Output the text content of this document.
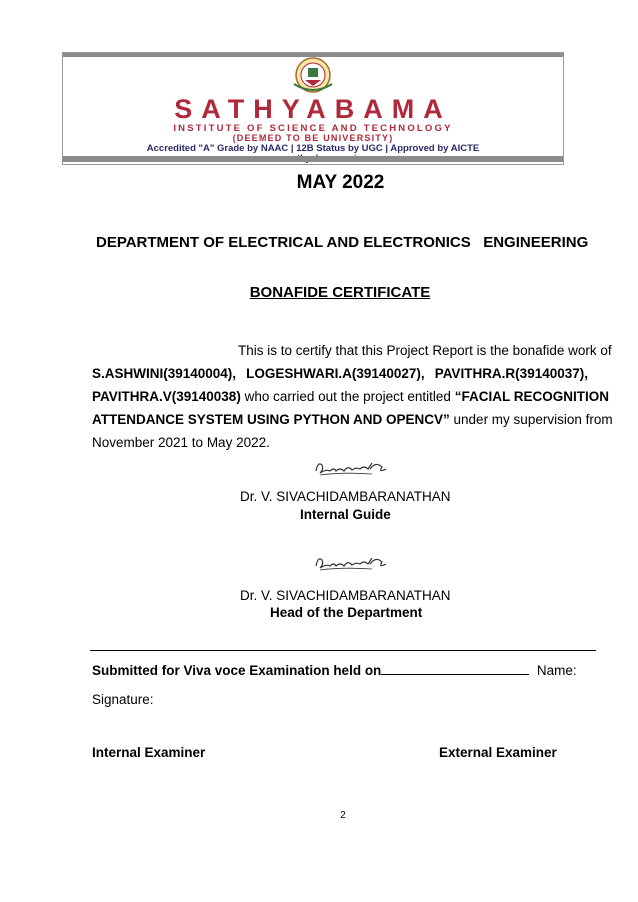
SATHYABAMA
INSTITUTE OF SCIENCE AND TECHNOLOGY
(DEEMED TO BE UNIVERSITY)
Accredited "A" Grade by NAAC | 12B Status by UGC | Approved by AICTE
MAY 2022
DEPARTMENT OF ELECTRICAL AND ELECTRONICS   ENGINEERING
BONAFIDE CERTIFICATE
This is to certify that this Project Report is the bonafide work of
S.ASHWINI(39140004), LOGESHWARI.A(39140027), PAVITHRA.R(39140037),
PAVITHRA.V(39140038) who carried out the project entitled “FACIAL RECOGNITION
ATTENDANCE SYSTEM USING PYTHON AND OPENCV” under my supervision from
November 2021 to May 2022.
Dr. V. SIVACHIDAMBARANATHAN
Internal Guide
Dr. V. SIVACHIDAMBARANATHAN
Head of the Department
Submitted for Viva voce Examination held on	Name:
Signature:
Internal Examiner	External Examiner
2
